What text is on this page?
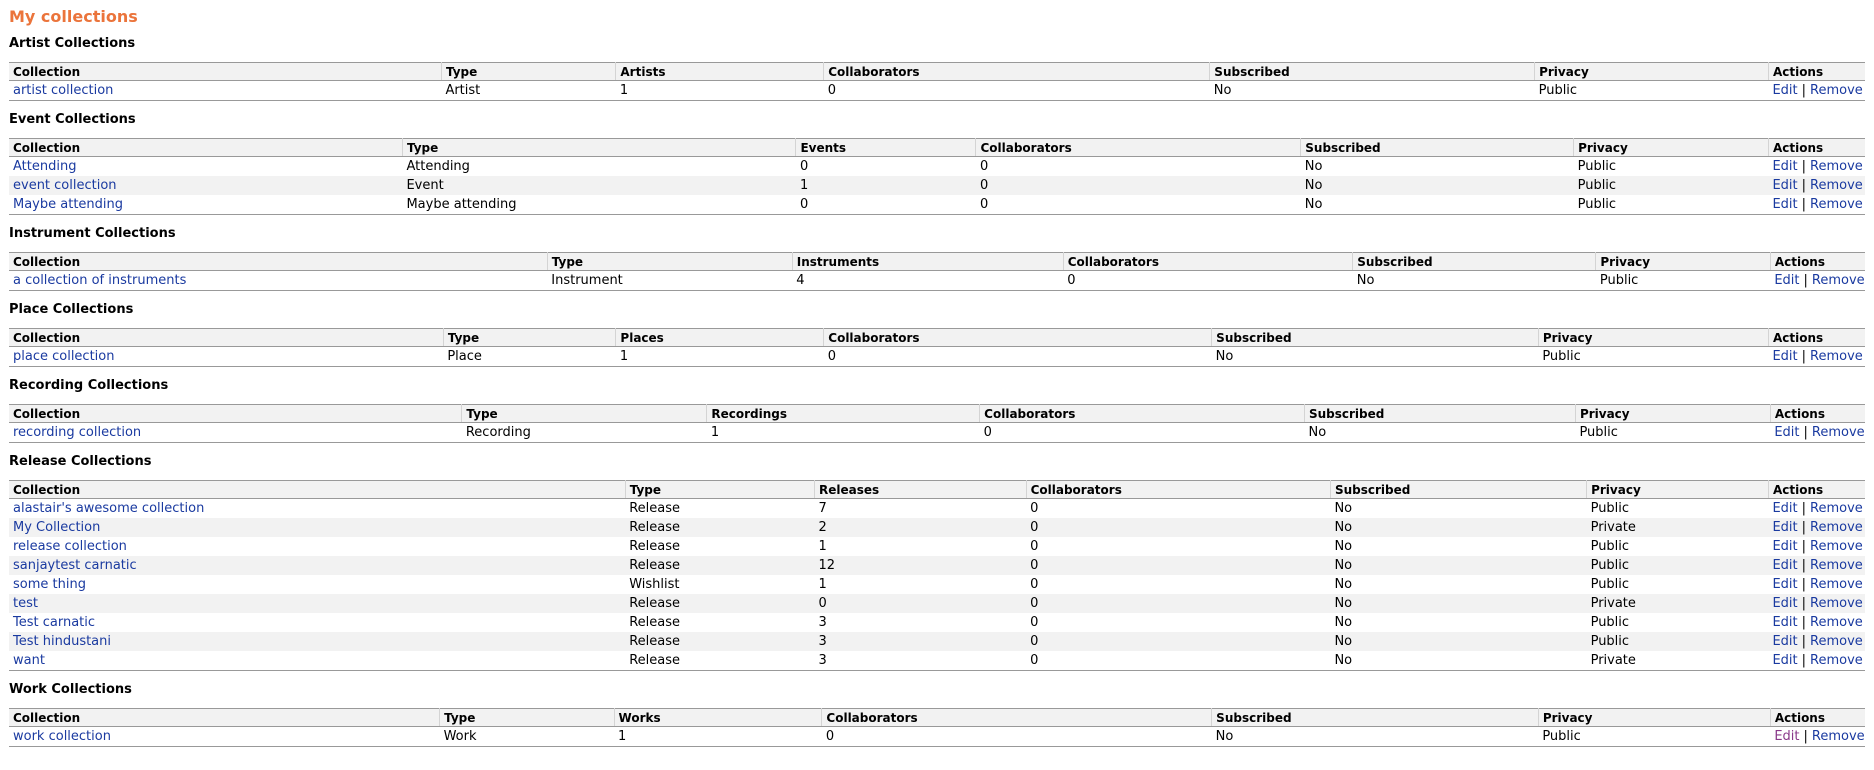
My collections
Artist Collections
Collection	Type	Artists	Collaborators	Subscribed	Privacy	Actions
artist collection	Artist	1	0	No	Public	Edit | Remove
Event Collections
Collection	Type	Events	Collaborators	Subscribed	Privacy	Actions
Attending	Attending	0	0	No	Public	Edit | Remove
event collection	Event	1	0	No	Public	Edit | Remove
Maybe attending	Maybe attending	0	0	No	Public	Edit | Remove
Instrument Collections
Collection	Type	Instruments	Collaborators	Subscribed	Privacy	Actions
a collection of instruments	Instrument	4	0	No	Public	Edit | Remove
Place Collections
Collection	Type	Places	Collaborators	Subscribed	Privacy	Actions
place collection	Place	1	0	No	Public	Edit | Remove
Recording Collections
Collection	Type	Recordings	Collaborators	Subscribed	Privacy	Actions
recording collection	Recording	1	0	No	Public	Edit | Remove
Release Collections
Collection	Type	Releases	Collaborators	Subscribed	Privacy	Actions
alastair's awesome collection	Release	7	0	No	Public	Edit | Remove
My Collection	Release	2	0	No	Private	Edit | Remove
release collection	Release	1	0	No	Public	Edit | Remove
sanjaytest carnatic	Release	12	0	No	Public	Edit | Remove
some thing	Wishlist	1	0	No	Public	Edit | Remove
test	Release	0	0	No	Private	Edit | Remove
Test carnatic	Release	3	0	No	Public	Edit | Remove
Test hindustani	Release	3	0	No	Public	Edit | Remove
want	Release	3	0	No	Private	Edit | Remove
Work Collections
Collection	Type	Works	Collaborators	Subscribed	Privacy	Actions
work collection	Work	1	0	No	Public	Edit | Remove
